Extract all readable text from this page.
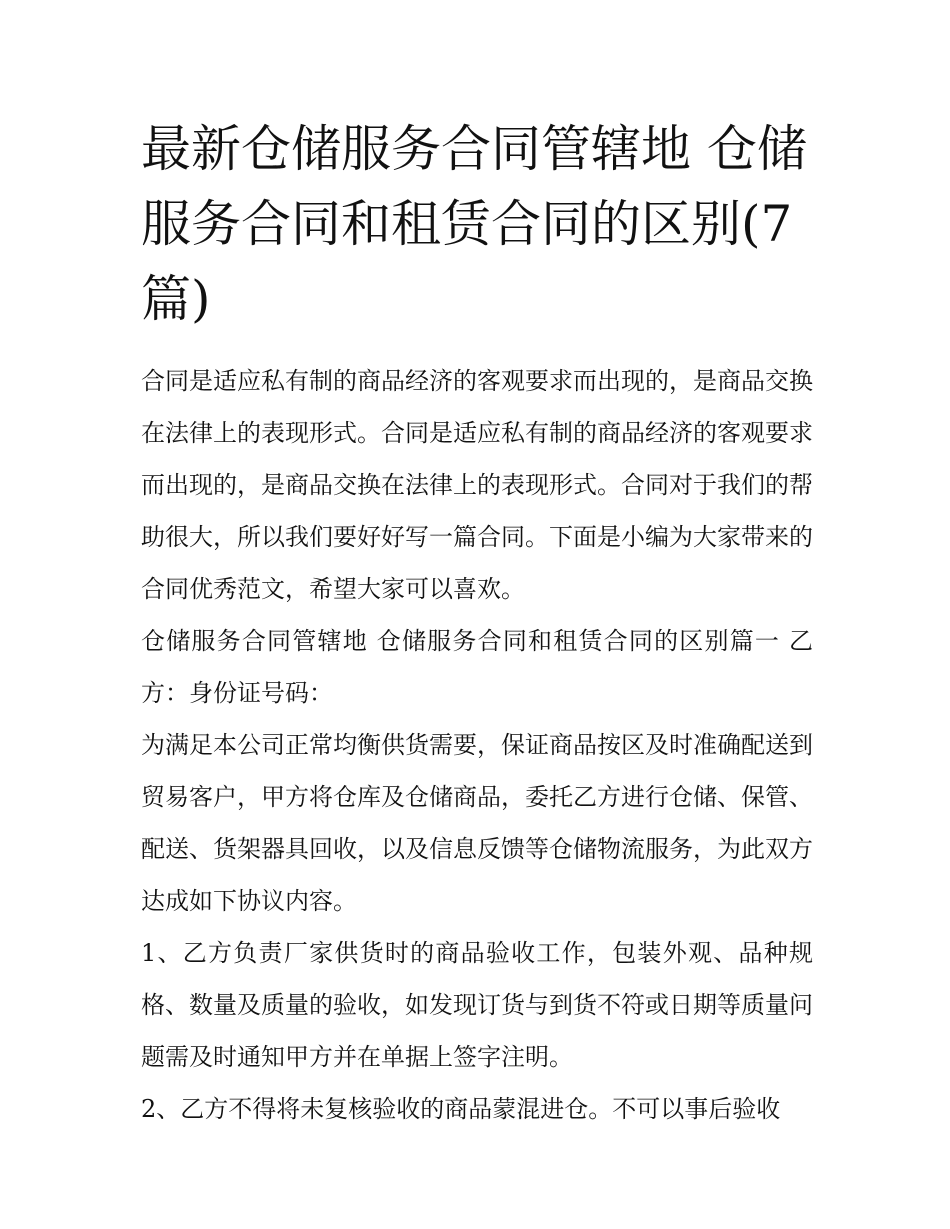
最新仓储服务合同管辖地 仓储服务合同和租赁合同的区别(7篇)

合同是适应私有制的商品经济的客观要求而出现的，是商品交换在法律上的表现形式。合同是适应私有制的商品经济的客观要求而出现的，是商品交换在法律上的表现形式。合同对于我们的帮助很大，所以我们要好好写一篇合同。下面是小编为大家带来的合同优秀范文，希望大家可以喜欢。

仓储服务合同管辖地 仓储服务合同和租赁合同的区别篇一 乙方：身份证号码：

为满足本公司正常均衡供货需要，保证商品按区及时准确配送到贸易客户，甲方将仓库及仓储商品，委托乙方进行仓储、保管、配送、货架器具回收，以及信息反馈等仓储物流服务，为此双方达成如下协议内容。

1、乙方负责厂家供货时的商品验收工作，包装外观、品种规格、数量及质量的验收，如发现订货与到货不符或日期等质量问题需及时通知甲方并在单据上签字注明。

2、乙方不得将未复核验收的商品蒙混进仓。不可以事后验收
